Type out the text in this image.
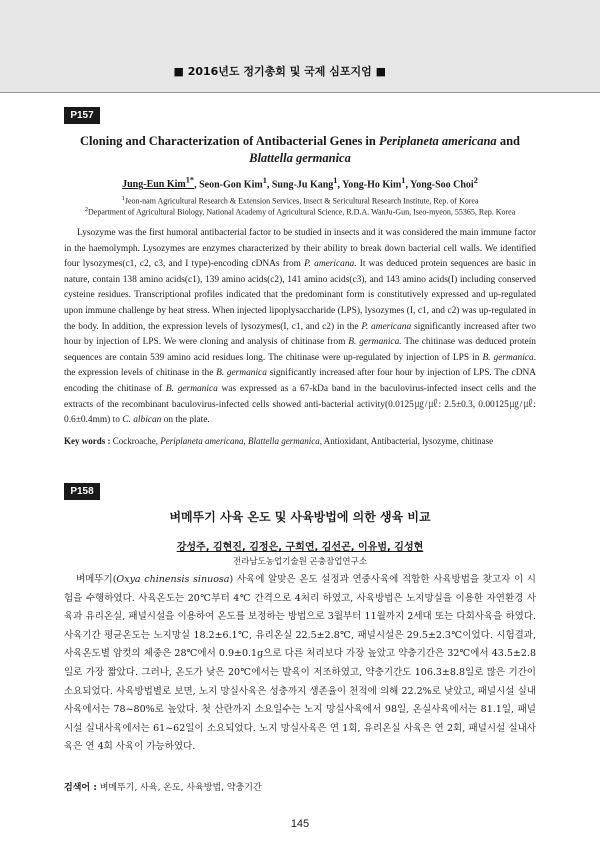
■ 2016년도 정기총회 및 국제 심포지엄 ■
P157
Cloning and Characterization of Antibacterial Genes in Periplaneta americana and
Blattella germanica
Jung-Eun Kim$^{1*}$, Seon-Gon Kim$^1$, Sung-Ju Kang$^1$, Yong-Ho Kim$^1$, Yong-Soo Choi$^2$
$^1$Jeon-nam Agricultural Research & Extension Services, Insect & Sericultural Research Institute, Rep. of Korea
$^2$Department of Agricultural Biology, National Academy of Agricultural Science, R.D.A. WanJu-Gun, Iseo-myeon, 55365, Rep. Korea

Lysozyme was the first humoral antibacterial factor to be studied in insects and it was considered the main immune factor in the haemolymph. Lysozymes are enzymes characterized by their ability to break down bacterial cell walls. We identified four lysozymes(c1, c2, c3, and I type)-encoding cDNAs from P. americana. It was deduced protein sequences are basic in nature, contain 138 amino acids(c1), 139 amino acids(c2), 141 amino acids(c3), and 143 amino acids(I) including conserved cysteine residues. Transcriptional profiles indicated that the predominant form is constitutively expressed and up-regulated upon immune challenge by heat stress. When injected lipoplysaccharide (LPS), lysozymes (I, c1, and c2) was up-regulated in the body. In addition, the expression levels of lysozymes(I, c1, and c2) in the P. americana significantly increased after two hour by injection of LPS. We were cloning and analysis of chitinase from B. germanica. The chitinase was deduced protein sequences are contain 539 amino acid residues long. The chitinase were up-regulated by injection of LPS in B. germanica. the expression levels of chitinase in the B. germanica significantly increased after four hour by injection of LPS. The cDNA encoding the chitinase of B. germanica was expressed as a 67-kDa band in the baculovirus-infected insect cells and the extracts of the recombinant baculovirus-infected cells showed anti-bacterial activity(0.0125㎍/㎕: 2.5±0.3, 0.00125㎍/㎕: 0.6±0.4mm) to C. albican on the plate.

Key words : Cockroache, Periplaneta americana, Blattella germanica, Antioxidant, Antibacterial, lysozyme, chitinase
P158
벼메뚜기 사육 온도 및 사육방법에 의한 생육 비교
강성주, 김현진, 김정은, 구희연, 김선곤, 이유범, 김성현
전라남도농업기술원 곤충잠업연구소

벼메뚜기(Oxya chinensis sinuosa) 사육에 알맞은 온도 설정과 연중사육에 적합한 사육방법을 찾고자 이 시험을 수행하였다. 사육온도는 20℃부터 4℃ 간격으로 4처리 하였고, 사육방법은 노지망실을 이용한 자연환경 사육과 유리온실, 패널시설을 이용하여 온도를 보정하는 방법으로 3월부터 11월까지 2세대 또는 다회사육을 하였다. 사육기간 평균온도는 노지망실 18.2±6.1℃, 유리온실 22.5±2.8℃, 패널시설은 29.5±2.3℃이었다. 시험결과, 사육온도별 암컷의 체중은 28℃에서 0.9±0.1g으로 다른 처리보다 가장 높았고 약충기간은 32℃에서 43.5±2.8일로 가장 짧았다. 그러나, 온도가 낮은 20℃에서는 발육이 저조하였고, 약충기간도 106.3±8.8일로 많은 기간이 소요되었다. 사육방법별로 보면, 노지 망실사육은 성충까지 생존율이 천적에 의해 22.2%로 낮았고, 패널시설 실내사육에서는 78~80%로 높았다. 첫 산란까지 소요일수는 노지 망실사육에서 98일, 온실사육에서는 81.1일, 패널시설 실내사육에서는 61~62일이 소요되었다. 노지 망실사육은 연 1회, 유리온실 사육은 연 2회, 패널시설 실내사육은 연 4회 사육이 가능하였다.

검색어 : 벼메뚜기, 사육, 온도, 사육방법, 약충기간
145
